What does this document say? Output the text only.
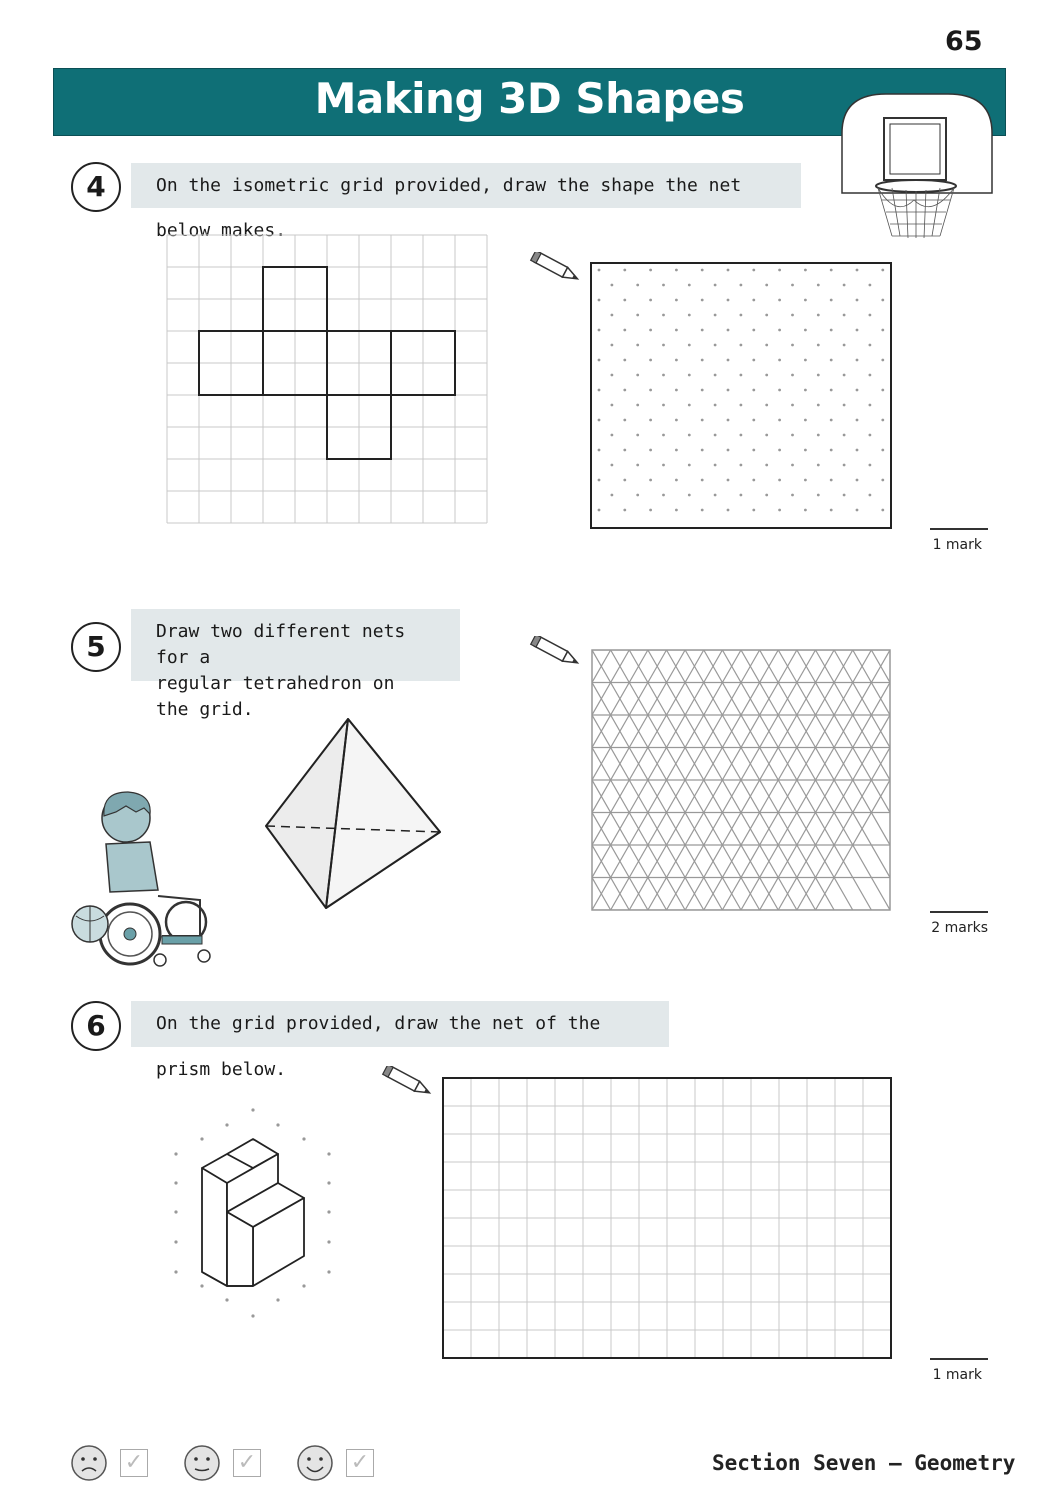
65
Making 3D Shapes
4	On the isometric grid provided, draw the shape the net below makes.
1 mark
5	Draw two different nets for a
regular tetrahedron on the grid.
2 marks
6	On the grid provided, draw the net of the prism below.
1 mark
✓	✓	✓	Section Seven — Geometry
